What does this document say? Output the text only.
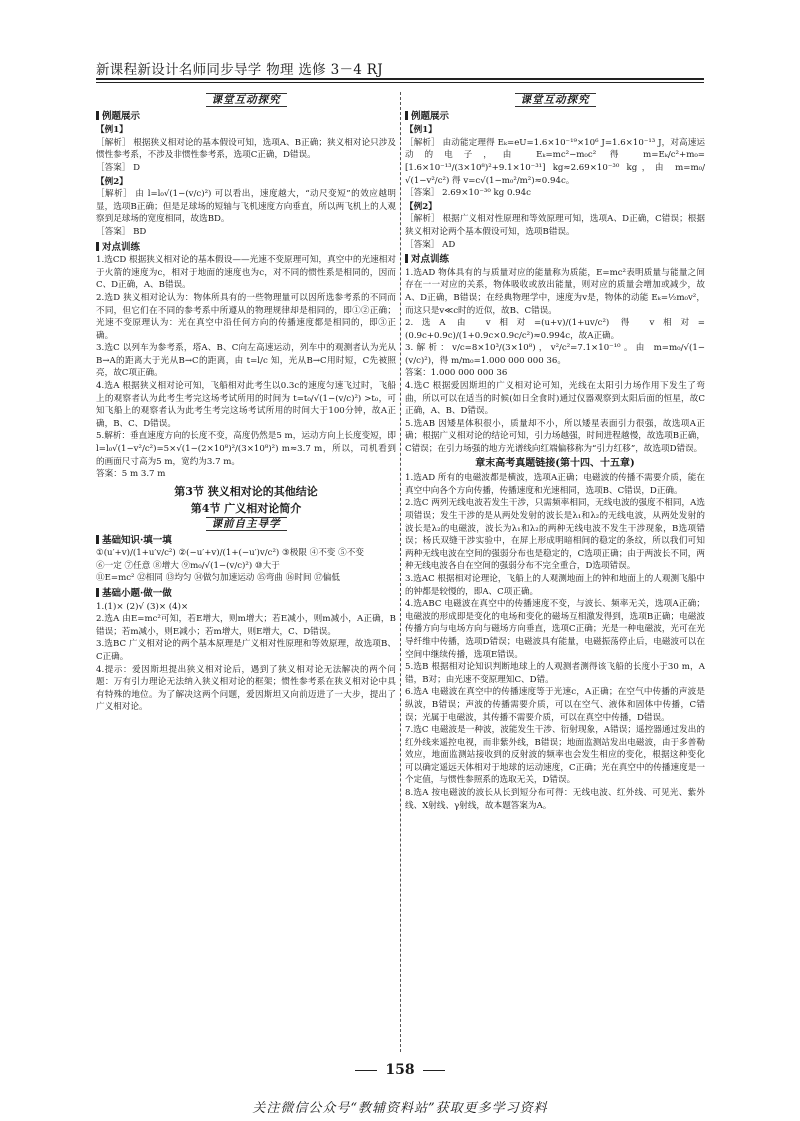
新课程新设计名师同步导学 物理 选修 3－4 RJ
课堂互动探究
例题展示
【例1】

［解析］ 根据狭义相对论的基本假设可知，选项A、B正确；狭义相对论只涉及惯性参考系，不涉及非惯性参考系，选项C正确，D错误。

［答案］ D

【例2】

［解析］ 由 l=l₀√(1−(v/c)²) 可以看出，速度越大，“动尺变短”的效应越明显，选项B正确；但是足球场的短轴与飞机速度方向垂直，所以两飞机上的人观察到足球场的宽度相同，故选BD。

［答案］ BD

对点训练

1.选CD 根据狭义相对论的基本假设——光速不变原理可知，真空中的光速相对于火箭的速度为c，相对于地面的速度也为c，对不同的惯性系是相同的，因而C、D正确，A、B错误。

2.选D 狭义相对论认为：物体所具有的一些物理量可以因所选参考系的不同而不同，但它们在不同的参考系中所遵从的物理规律却是相同的，即①②正确；光速不变原理认为：光在真空中沿任何方向的传播速度都是相同的，即③正确。

3.选C 以列车为参考系，塔A、B、C向左高速运动，列车中的观测者认为光从B→A的距离大于光从B→C的距离，由 t=l/c 知，光从B→C用时短，C先被照亮，故C项正确。

4.选A 根据狭义相对论可知，飞船相对此考生以0.3c的速度匀速飞过时，飞船上的观察者认为此考生考完这场考试所用的时间为 t=t₀/√(1−(v/c)²) >t₀，可知飞船上的观察者认为此考生考完这场考试所用的时间大于100分钟，故A正确，B、C、D错误。

5.解析：垂直速度方向的长度不变，高度仍然是5 m，运动方向上长度变短，即 l=l₀√(1−v²/c²)=5×√(1−(2×10⁸)²/(3×10⁸)²) m≈3.7 m，所以，司机看到的画面尺寸高为5 m，宽约为3.7 m。

答案：5 m 3.7 m

第3节 狭义相对论的其他结论
第4节 广义相对论简介
课前自主导学
基础知识·填一填

①(u′+v)/(1+u′v/c²) ②(−u′+v)/(1+(−u′)v/c²) ③极限 ④不变 ⑤不变

⑥一定 ⑦任意 ⑧增大 ⑨m₀/√(1−(v/c)²) ⑩大于

⑪E=mc² ⑫相同 ⑬均匀 ⑭做匀加速运动 ⑮弯曲 ⑯时间 ⑰偏低

基础小题·做一做

1.(1)× (2)√ (3)× (4)×

2.选A 由E=mc²可知，若E增大，则m增大；若E减小，则m减小，A正确，B错误；若m减小，则E减小；若m增大，则E增大，C、D错误。

3.选BC 广义相对论的两个基本原理是广义相对性原理和等效原理，故选项B、C正确。

4.提示：爱因斯坦提出狭义相对论后，遇到了狭义相对论无法解决的两个问题：万有引力理论无法纳入狭义相对论的框架；惯性参考系在狭义相对论中具有特殊的地位。为了解决这两个问题，爱因斯坦又向前迈进了一大步，提出了广义相对论。

课堂互动探究
例题展示
【例1】

［解析］ 由动能定理得 Eₖ=eU=1.6×10⁻¹⁹×10⁶ J=1.6×10⁻¹³ J，对高速运动的电子，由 Eₖ=mc²−m₀c² 得 m=Eₖ/c²+m₀=[1.6×10⁻¹³/(3×10⁸)²+9.1×10⁻³¹] kg≈2.69×10⁻³⁰ kg，由 m=m₀/√(1−v²/c²) 得 v=c√(1−m₀²/m²)≈0.94c。

［答案］ 2.69×10⁻³⁰ kg 0.94c

【例2】

［解析］ 根据广义相对性原理和等效原理可知，选项A、D正确，C错误；根据狭义相对论两个基本假设可知，选项B错误。

［答案］ AD

对点训练

1.选AD 物体具有的与质量对应的能量称为质能，E=mc²表明质量与能量之间存在一一对应的关系，物体吸收或放出能量，则对应的质量会增加或减少，故A、D正确，B错误；在经典物理学中，速度为v是，物体的动能 Eₖ=½m₀v²，而这只是v≪c时的近似，故B、C错误。

2.选A 由 v相对=(u+v)/(1+uv/c²) 得 v相对=(0.9c+0.9c)/(1+0.9c×0.9c/c²)≈0.994c，故A正确。

3.解析：v/c=8×10³/(3×10⁸)，v²/c²=7.1×10⁻¹⁰。由 m=m₀/√(1−(v/c)²)，得 m/m₀=1.000 000 000 36。

答案：1.000 000 000 36

4.选C 根据爱因斯坦的广义相对论可知，光线在太阳引力场作用下发生了弯曲，所以可以在适当的时候(如日全食时)通过仪器观察到太阳后面的恒星，故C正确，A、B、D错误。

5.选AB 因矮星体积很小，质量却不小，所以矮星表面引力很强，故选项A正确；根据广义相对论的结论可知，引力场越强，时间进程越慢，故选项B正确，C错误；在引力场强的地方光谱线向红端偏移称为“引力红移”，故选项D错误。

章末高考真题链接(第十四、十五章)

1.选AD 所有的电磁波都是横波，选项A正确；电磁波的传播不需要介质，能在真空中向各个方向传播，传播速度和光速相同，选项B、C错误，D正确。

2.选C 两列无线电波若发生干涉，只需频率相同，无线电波的强度不相同，A选项错误；发生干涉的是从两处发射的波长是λ₁和λ₂的无线电波，从两处发射的波长是λ₂的电磁波，波长为λ₁和λ₂的两种无线电波不发生干涉现象，B选项错误；杨氏双缝干涉实验中，在屏上形成明暗相间的稳定的条纹，所以我们可知两种无线电波在空间的强弱分布也是稳定的，C选项正确；由于两波长不同，两种无线电波各自在空间的强弱分布不完全重合，D选项错误。

3.选AC 根据相对论理论，飞船上的人观测地面上的钟和地面上的人观测飞船中的钟都是较慢的，即A、C项正确。

4.选ABC 电磁波在真空中的传播速度不变，与波长、频率无关，选项A正确；电磁波的形成即是变化的电场和变化的磁场互相激发得到，选项B正确；电磁波传播方向与电场方向与磁场方向垂直，选项C正确；光是一种电磁波，光可在光导纤维中传播，选项D错误；电磁波具有能量，电磁振荡停止后，电磁波可以在空间中继续传播，选项E错误。

5.选B 根据相对论知识判断地球上的人观测者测得该飞船的长度小于30 m，A错，B对；由光速不变原理知C、D错。

6.选A 电磁波在真空中的传播速度等于光速c，A正确；在空气中传播的声波是纵波，B错误；声波的传播需要介质，可以在空气、液体和固体中传播，C错误；光属于电磁波，其传播不需要介质，可以在真空中传播，D错误。

7.选C 电磁波是一种波，波能发生干涉、衍射现象，A错误；遥控器通过发出的红外线来遥控电视，而非紫外线，B错误；地面监测站发出电磁波，由于多普勒效应，地面监测站接收到的反射波的频率也会发生相应的变化，根据这种变化可以确定遥远天体相对于地球的运动速度，C正确；光在真空中的传播速度是一个定值，与惯性参照系的选取无关，D错误。

8.选A 按电磁波的波长从长到短分布可得：无线电波、红外线、可见光、紫外线、X射线、γ射线，故本题答案为A。

158
关注微信公众号“教辅资料站”获取更多学习资料
